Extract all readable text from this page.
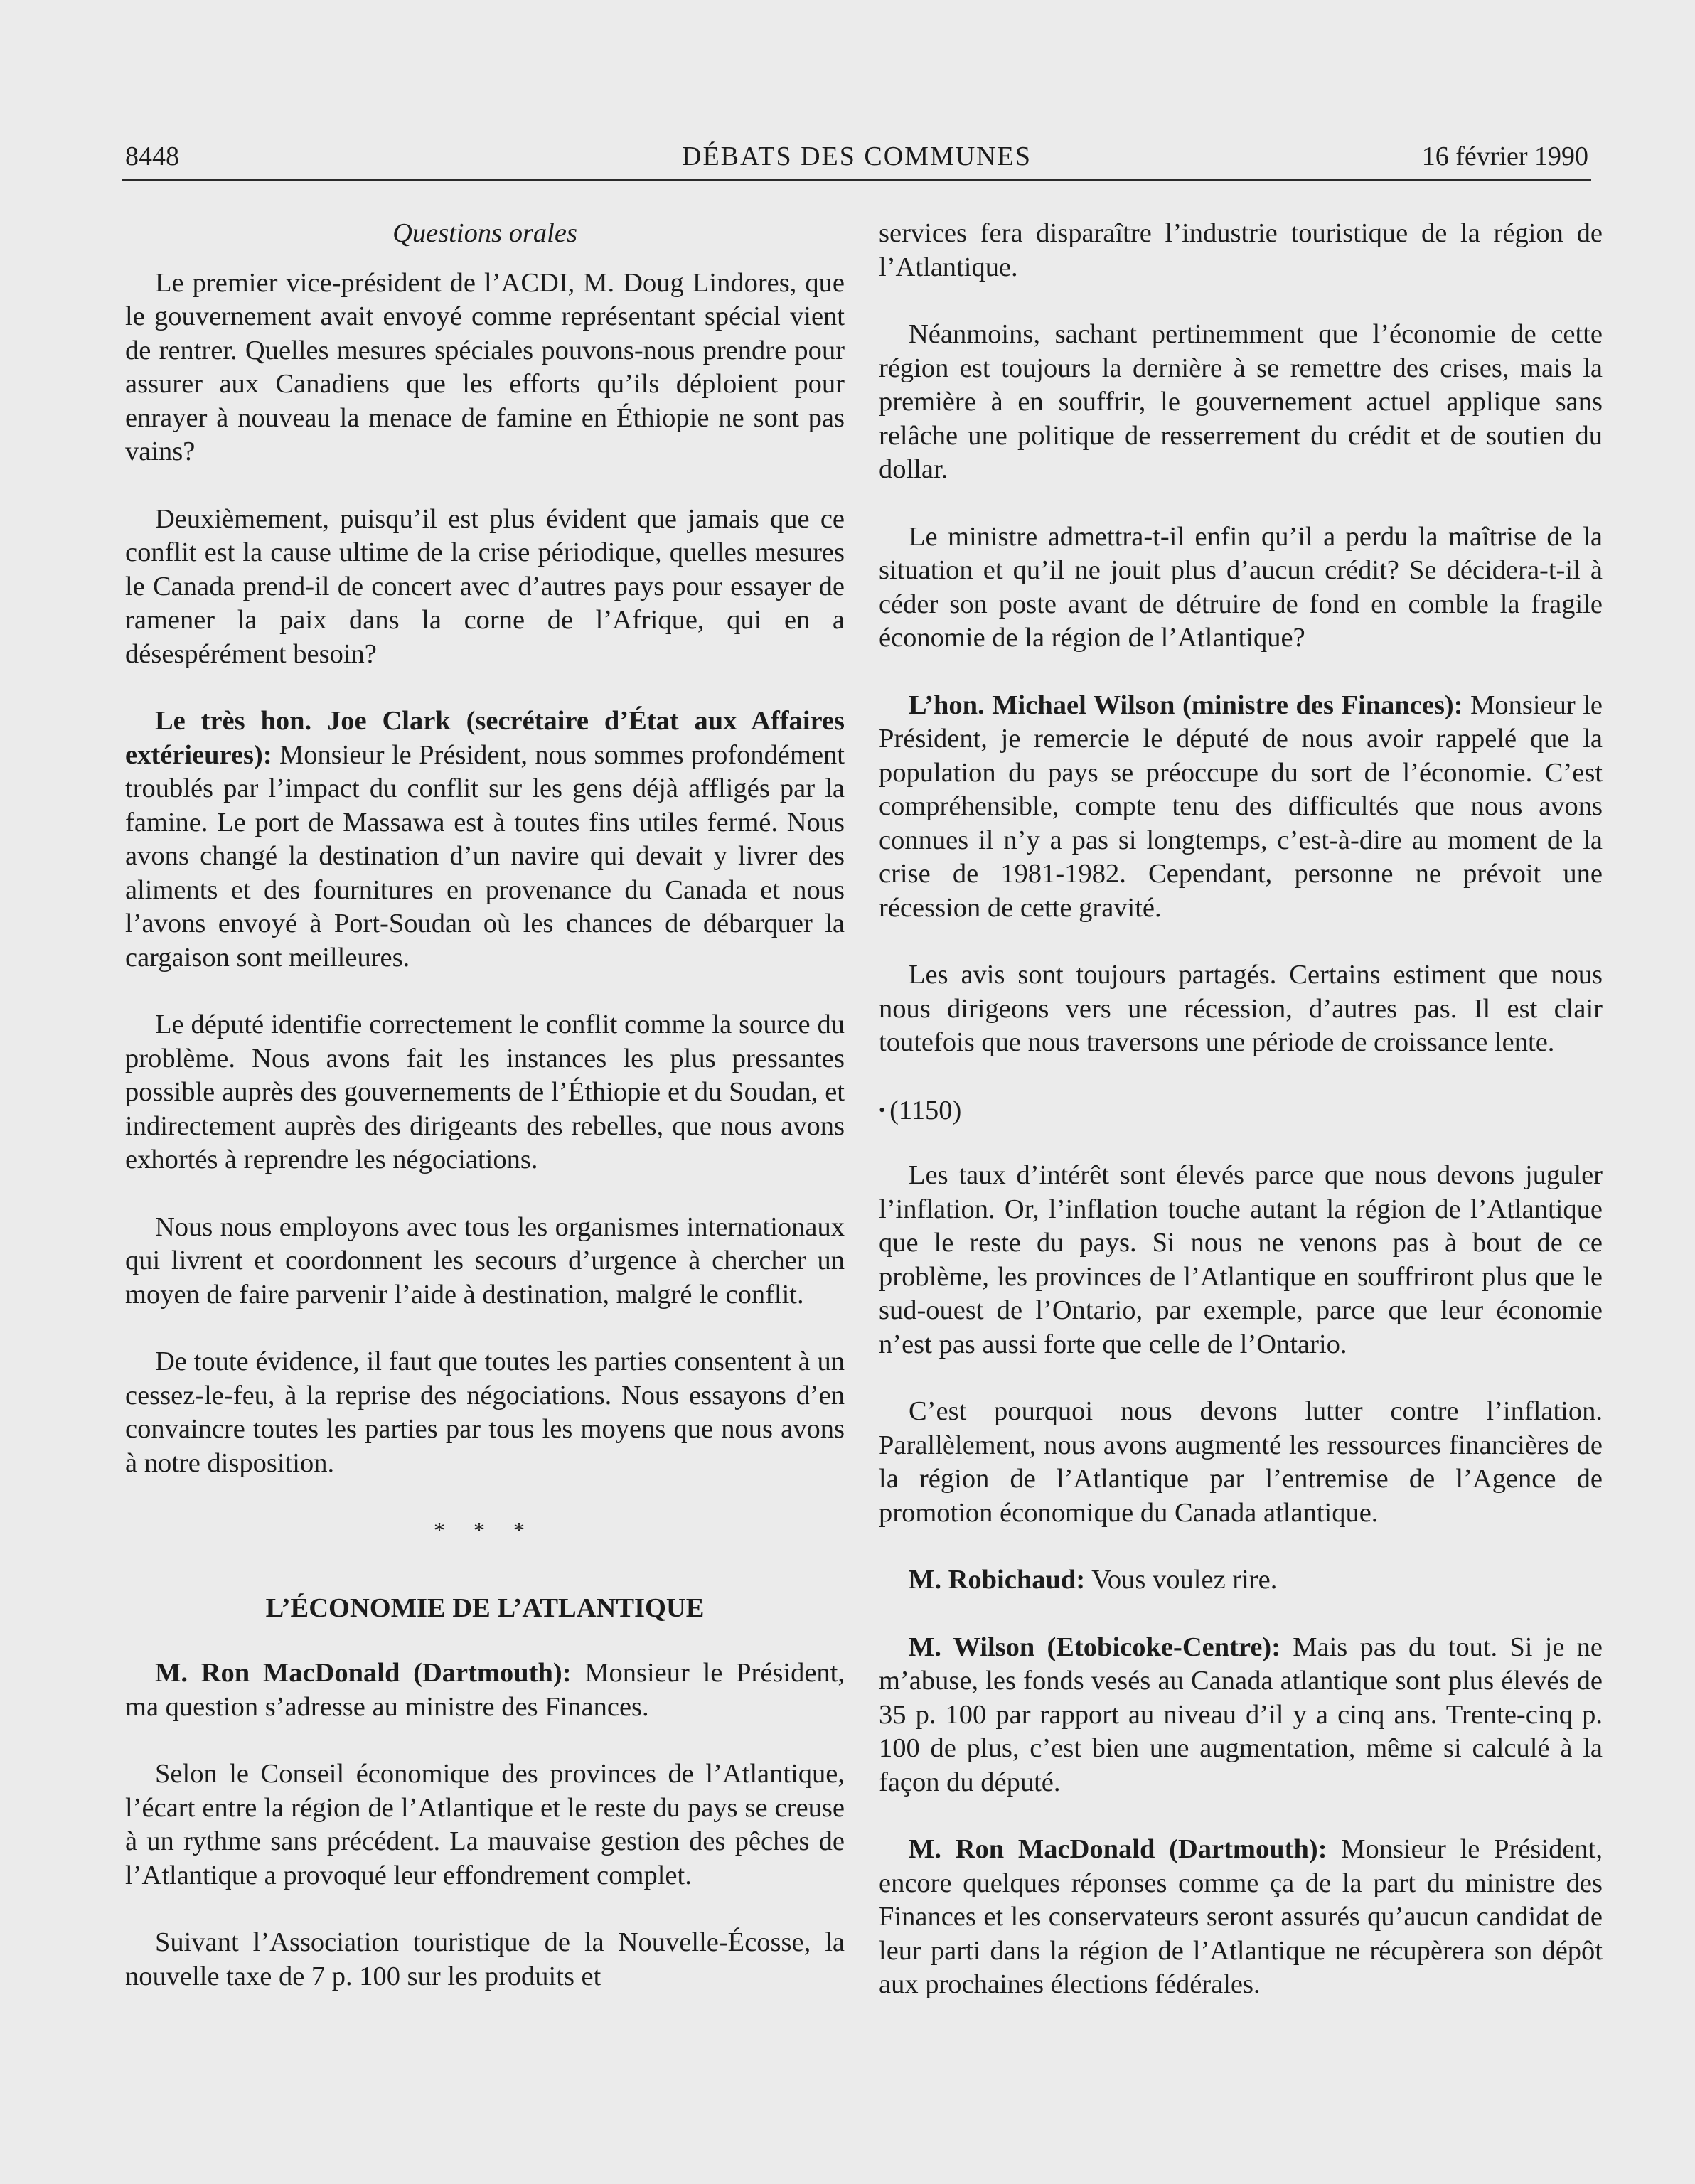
8448	DÉBATS DES COMMUNES	16 février 1990

Questions orales

Le premier vice-président de l’ACDI, M. Doug Lindores, que le gouvernement avait envoyé comme représentant spécial vient de rentrer. Quelles mesures spéciales pouvons-nous prendre pour assurer aux Canadiens que les efforts qu’ils déploient pour enrayer à nouveau la menace de famine en Éthiopie ne sont pas vains?

Deuxièmement, puisqu’il est plus évident que jamais que ce conflit est la cause ultime de la crise périodique, quelles mesures le Canada prend-il de concert avec d’autres pays pour essayer de ramener la paix dans la corne de l’Afrique, qui en a désespérément besoin?

Le très hon. Joe Clark (secrétaire d’État aux Affaires extérieures): Monsieur le Président, nous sommes profondément troublés par l’impact du conflit sur les gens déjà affligés par la famine. Le port de Massawa est à toutes fins utiles fermé. Nous avons changé la destination d’un navire qui devait y livrer des aliments et des fournitures en provenance du Canada et nous l’avons envoyé à Port-Soudan où les chances de débarquer la cargaison sont meilleures.

Le député identifie correctement le conflit comme la source du problème. Nous avons fait les instances les plus pressantes possible auprès des gouvernements de l’Éthiopie et du Soudan, et indirectement auprès des dirigeants des rebelles, que nous avons exhortés à reprendre les négociations.

Nous nous employons avec tous les organismes internationaux qui livrent et coordonnent les secours d’urgence à chercher un moyen de faire parvenir l’aide à destination, malgré le conflit.

De toute évidence, il faut que toutes les parties consentent à un cessez-le-feu, à la reprise des négociations. Nous essayons d’en convaincre toutes les parties par tous les moyens que nous avons à notre disposition.

* * *

L’ÉCONOMIE DE L’ATLANTIQUE

M. Ron MacDonald (Dartmouth): Monsieur le Président, ma question s’adresse au ministre des Finances.

Selon le Conseil économique des provinces de l’Atlantique, l’écart entre la région de l’Atlantique et le reste du pays se creuse à un rythme sans précédent. La mauvaise gestion des pêches de l’Atlantique a provoqué leur effondrement complet.

Suivant l’Association touristique de la Nouvelle-Écosse, la nouvelle taxe de 7 p. 100 sur les produits et

services fera disparaître l’industrie touristique de la région de l’Atlantique.

Néanmoins, sachant pertinemment que l’économie de cette région est toujours la dernière à se remettre des crises, mais la première à en souffrir, le gouvernement actuel applique sans relâche une politique de resserrement du crédit et de soutien du dollar.

Le ministre admettra-t-il enfin qu’il a perdu la maîtrise de la situation et qu’il ne jouit plus d’aucun crédit? Se décidera-t-il à céder son poste avant de détruire de fond en comble la fragile économie de la région de l’Atlantique?

L’hon. Michael Wilson (ministre des Finances): Monsieur le Président, je remercie le député de nous avoir rappelé que la population du pays se préoccupe du sort de l’économie. C’est compréhensible, compte tenu des difficultés que nous avons connues il n’y a pas si longtemps, c’est-à-dire au moment de la crise de 1981-1982. Cependant, personne ne prévoit une récession de cette gravité.

Les avis sont toujours partagés. Certains estiment que nous nous dirigeons vers une récession, d’autres pas. Il est clair toutefois que nous traversons une période de croissance lente.

• (1150)

Les taux d’intérêt sont élevés parce que nous devons juguler l’inflation. Or, l’inflation touche autant la région de l’Atlantique que le reste du pays. Si nous ne venons pas à bout de ce problème, les provinces de l’Atlantique en souffriront plus que le sud-ouest de l’Ontario, par exemple, parce que leur économie n’est pas aussi forte que celle de l’Ontario.

C’est pourquoi nous devons lutter contre l’inflation. Parallèlement, nous avons augmenté les ressources financières de la région de l’Atlantique par l’entremise de l’Agence de promotion économique du Canada atlantique.

M. Robichaud: Vous voulez rire.

M. Wilson (Etobicoke-Centre): Mais pas du tout. Si je ne m’abuse, les fonds vesés au Canada atlantique sont plus élevés de 35 p. 100 par rapport au niveau d’il y a cinq ans. Trente-cinq p. 100 de plus, c’est bien une augmentation, même si calculé à la façon du député.

M. Ron MacDonald (Dartmouth): Monsieur le Président, encore quelques réponses comme ça de la part du ministre des Finances et les conservateurs seront assurés qu’aucun candidat de leur parti dans la région de l’Atlantique ne récupèrera son dépôt aux prochaines élections fédérales.
